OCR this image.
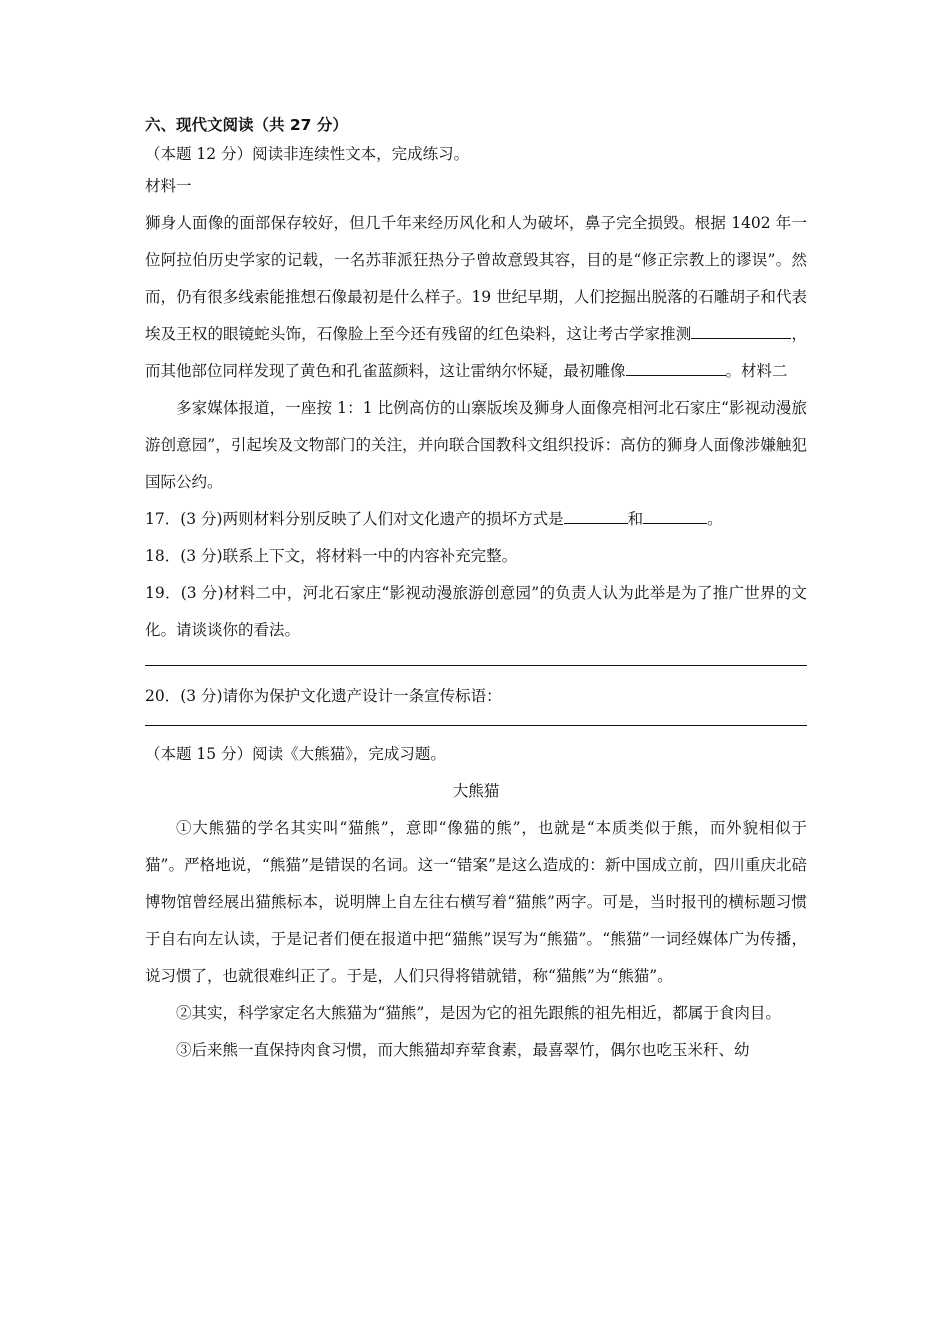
六、现代文阅读（共 27 分）

（本题 12 分）阅读非连续性文本，完成练习。

材料一

狮身人面像的面部保存较好，但几千年来经历风化和人为破坏，鼻子完全损毁。根据 1402 年一位阿拉伯历史学家的记载，一名苏菲派狂热分子曾故意毁其容，目的是“修正宗教上的谬误”。然而，仍有很多线索能推想石像最初是什么样子。19 世纪早期，人们挖掘出脱落的石雕胡子和代表埃及王权的眼镜蛇头饰，石像脸上至今还有残留的红色染料，这让考古学家推测	，而其他部位同样发现了黄色和孔雀蓝颜料，这让雷纳尔怀疑，最初雕像	。材料二

多家媒体报道，一座按 1：1 比例高仿的山寨版埃及狮身人面像亮相河北石家庄“影视动漫旅游创意园”，引起埃及文物部门的关注，并向联合国教科文组织投诉：高仿的狮身人面像涉嫌触犯国际公约。

17．(3 分)两则材料分别反映了人们对文化遗产的损坏方式是	和	。

18．(3 分)联系上下文，将材料一中的内容补充完整。

19．(3 分)材料二中，河北石家庄“影视动漫旅游创意园”的负责人认为此举是为了推广世界的文化。请谈谈你的看法。

20．(3 分)请你为保护文化遗产设计一条宣传标语：

（本题 15 分）阅读《大熊猫》，完成习题。

大熊猫

①大熊猫的学名其实叫“猫熊”，意即“像猫的熊”，也就是“本质类似于熊，而外貌相似于猫”。严格地说，“熊猫”是错误的名词。这一“错案”是这么造成的：新中国成立前，四川重庆北碚博物馆曾经展出猫熊标本，说明牌上自左往右横写着“猫熊”两字。可是，当时报刊的横标题习惯于自右向左认读，于是记者们便在报道中把“猫熊”误写为“熊猫”。“熊猫”一词经媒体广为传播，说习惯了，也就很难纠正了。于是，人们只得将错就错，称“猫熊”为“熊猫”。

②其实，科学家定名大熊猫为“猫熊”，是因为它的祖先跟熊的祖先相近，都属于食肉目。

③后来熊一直保持肉食习惯，而大熊猫却弃荤食素，最喜翠竹，偶尔也吃玉米秆、幼
